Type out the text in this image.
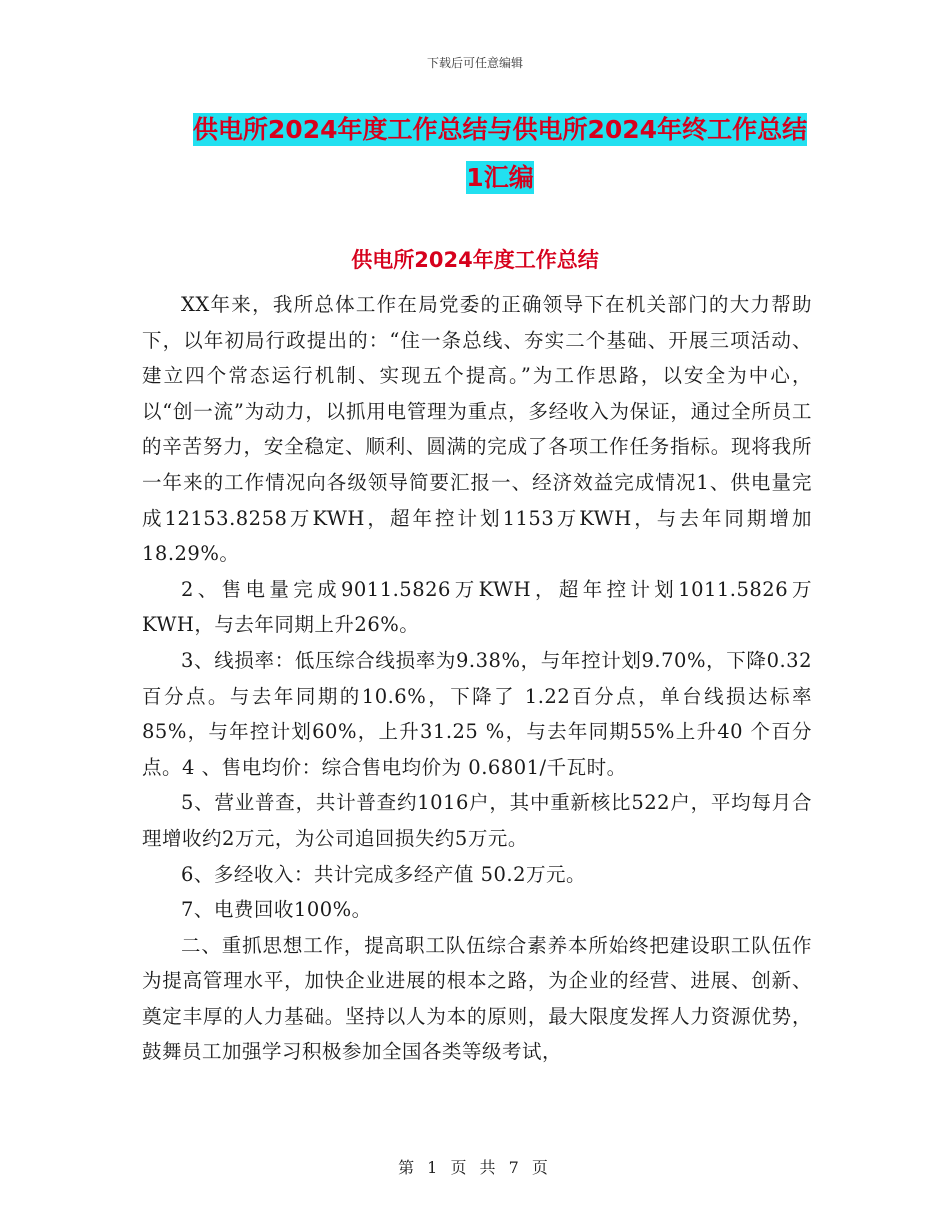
下载后可任意编辑
供电所2024年度工作总结与供电所2024年终工作总结1汇编
供电所2024年度工作总结

XX年来，我所总体工作在局党委的正确领导下在机关部门的大力帮助下，以年初局行政提出的：“住一条总线、夯实二个基础、开展三项活动、建立四个常态运行机制、实现五个提高。”为工作思路，以安全为中心，以“创一流”为动力，以抓用电管理为重点，多经收入为保证，通过全所员工的辛苦努力，安全稳定、顺利、圆满的完成了各项工作任务指标。现将我所一年来的工作情况向各级领导简要汇报一、经济效益完成情况1、供电量完成12153.8258万KWH，超年控计划1153万KWH，与去年同期增加18.29%。

2、售电量完成9011.5826万KWH，超年控计划1011.5826万KWH，与去年同期上升26%。

3、线损率：低压综合线损率为9.38%，与年控计划9.70%，下降0.32百分点。与去年同期的10.6%，下降了 1.22百分点，单台线损达标率85%，与年控计划60%，上升31.25 %，与去年同期55%上升40 个百分点。4 、售电均价：综合售电均价为 0.6801/千瓦时。

5、营业普查，共计普查约1016户，其中重新核比522户，平均每月合理增收约2万元，为公司追回损失约5万元。

6、多经收入：共计完成多经产值 50.2万元。

7、电费回收100%。

二、重抓思想工作，提高职工队伍综合素养本所始终把建设职工队伍作为提高管理水平，加快企业进展的根本之路，为企业的经营、进展、创新、奠定丰厚的人力基础。坚持以人为本的原则，最大限度发挥人力资源优势，鼓舞员工加强学习积极参加全国各类等级考试，

第 1 页 共 7 页
